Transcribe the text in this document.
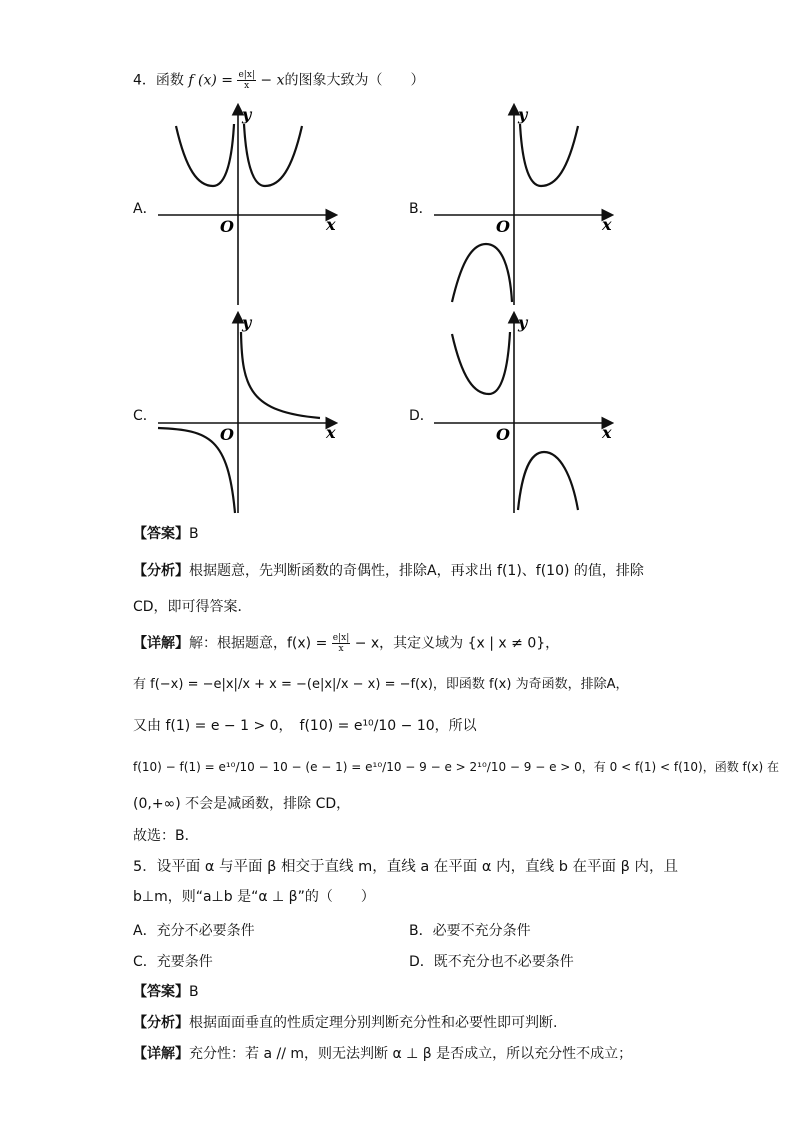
4．函数 f $(x) = \frac{e|x|}{x} - x$的图象大致为（　　）
A．	B．
C．	D．
y
x
O
y
x
O
y
x
O
y
x
O
【答案】B
【分析】根据题意，先判断函数的奇偶性，排除A，再求出 f(1)、f(10) 的值，排除
CD，即可得答案．
【详解】解：根据题意，$f(x) = \frac{e|x|}{x} - x$，其定义域为 {x | x ≠ 0}，
有 f(−x) = −e|x|/x + x = −(e|x|/x − x) = −f(x)，即函数 f(x) 为奇函数，排除A，
又由 f(1) = e − 1 > 0，　f(10) = e¹⁰/10 − 10，所以
f(10) − f(1) = e¹⁰/10 − 10 − (e − 1) = e¹⁰/10 − 9 − e > 2¹⁰/10 − 9 − e > 0，有 0 < f(1) < f(10)，函数 f(x) 在
(0,+∞) 不会是减函数，排除 CD，
故选：B．
5．设平面 α 与平面 β 相交于直线 m，直线 a 在平面 α 内，直线 b 在平面 β 内，且
b⊥m，则“a⊥b 是“α ⊥ β”的（　　）
A．充分不必要条件	B．必要不充分条件
C．充要条件	D．既不充分也不必要条件
【答案】B
【分析】根据面面垂直的性质定理分别判断充分性和必要性即可判断.
【详解】充分性：若 a // m，则无法判断 α ⊥ β 是否成立，所以充分性不成立；
